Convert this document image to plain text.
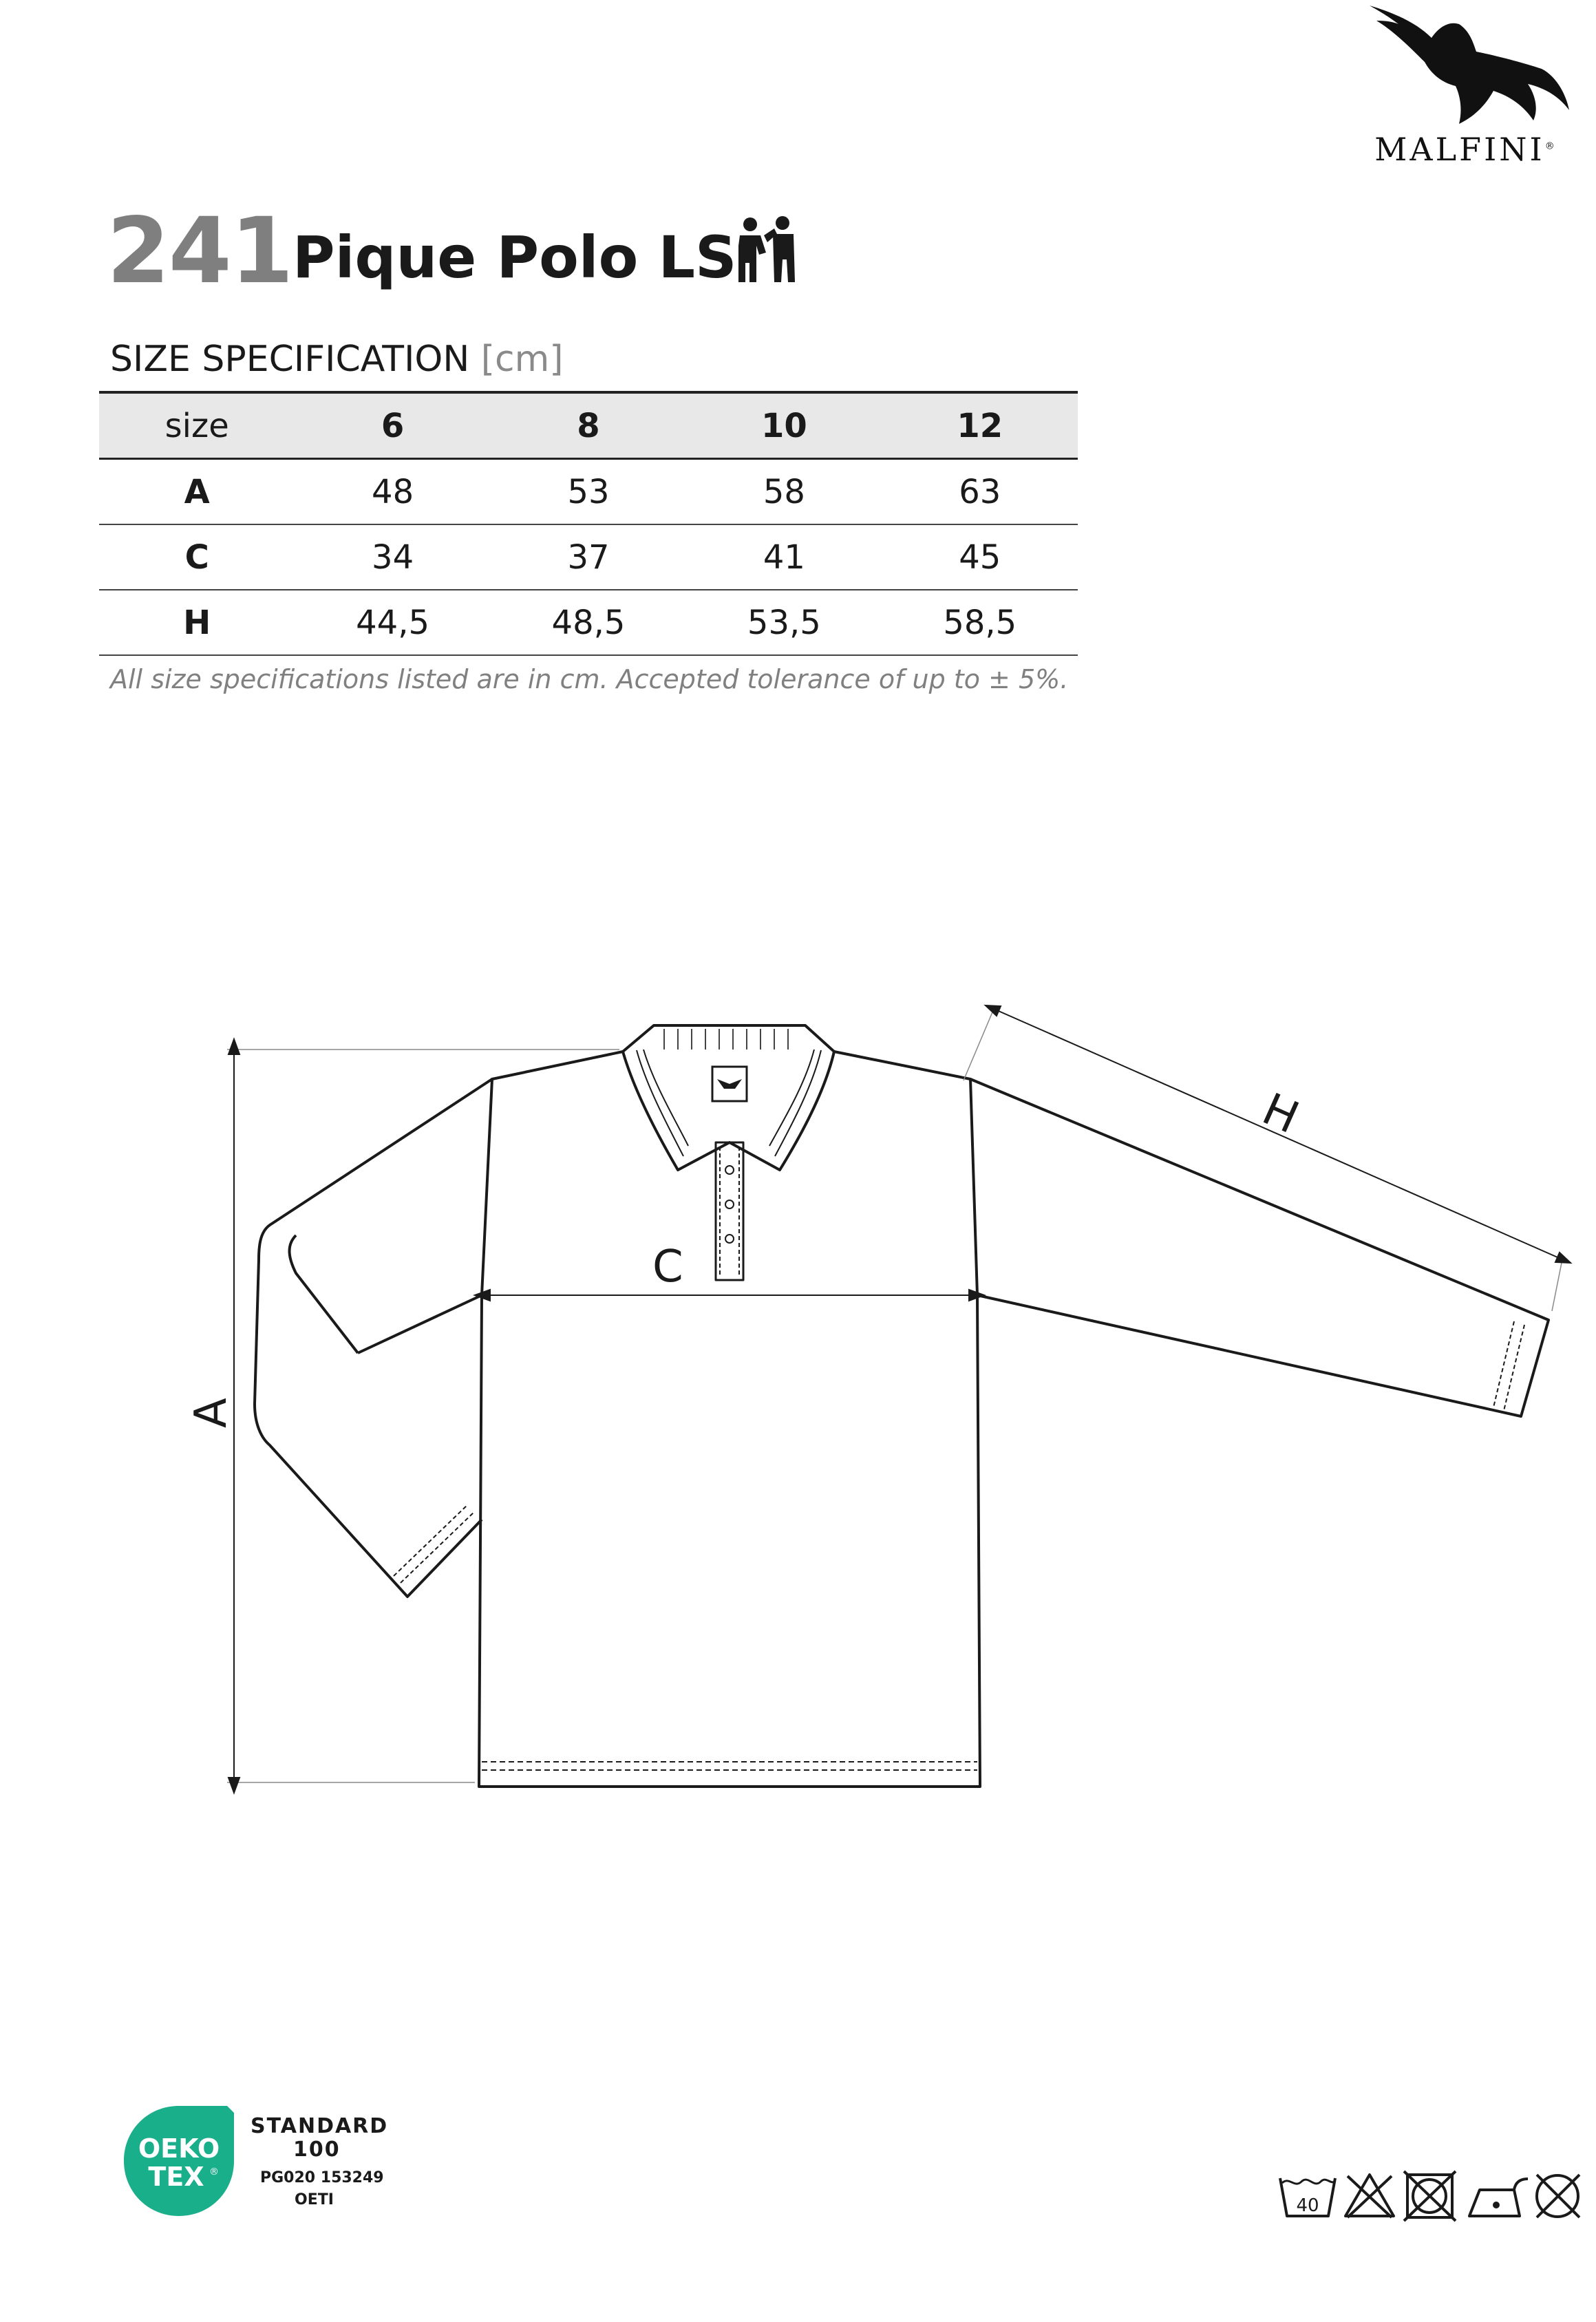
MALFINI®
241 Pique Polo LS
SIZE SPECIFICATION [cm]
size	6	8	10	12
A	48	53	58	63
C	34	37	41	45
H	44,5	48,5	53,5	58,5
All size specifications listed are in cm. Accepted tolerance of up to ± 5%.
A
C
H
OEKO
TEX ®
STANDARD
100
PG020 153249
OETI	40
